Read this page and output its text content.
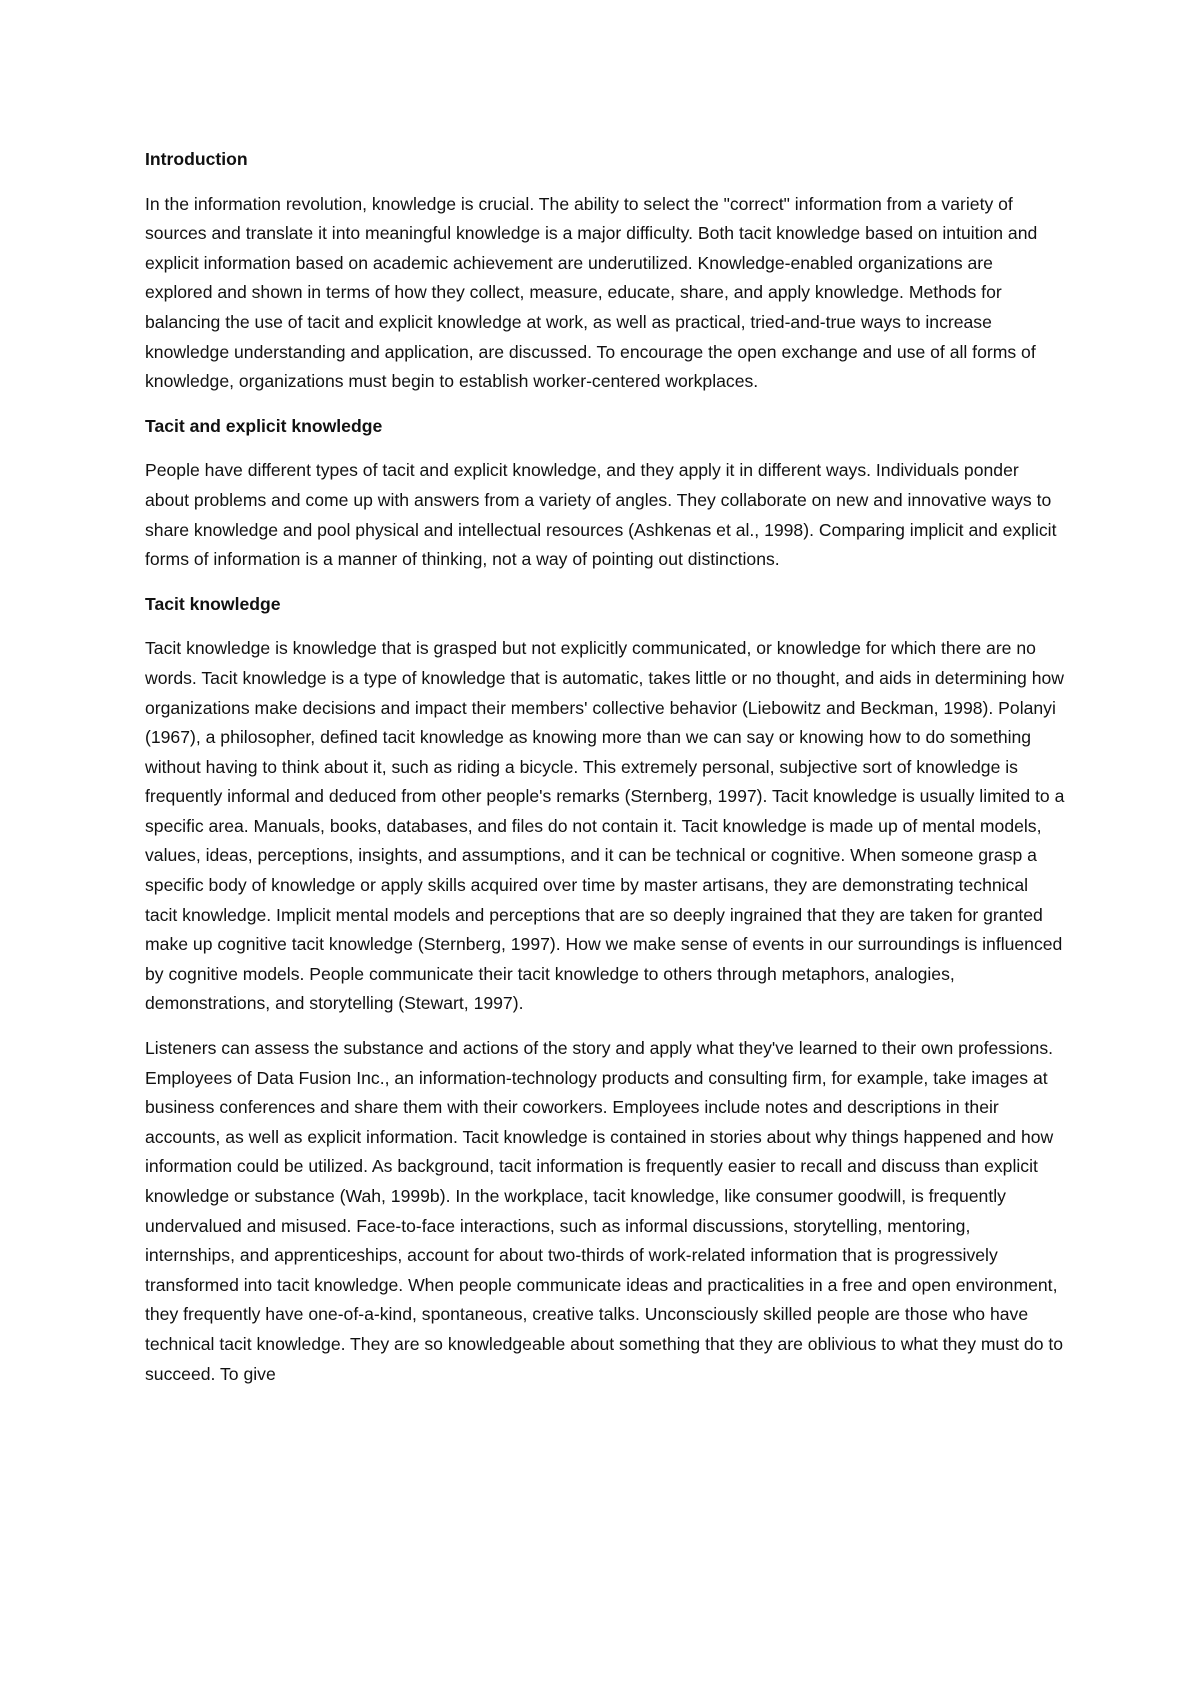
Introduction

In the information revolution, knowledge is crucial. The ability to select the "correct" information from a variety of sources and translate it into meaningful knowledge is a major difficulty. Both tacit knowledge based on intuition and explicit information based on academic achievement are underutilized. Knowledge-enabled organizations are explored and shown in terms of how they collect, measure, educate, share, and apply knowledge. Methods for balancing the use of tacit and explicit knowledge at work, as well as practical, tried-and-true ways to increase knowledge understanding and application, are discussed. To encourage the open exchange and use of all forms of knowledge, organizations must begin to establish worker-centered workplaces.

Tacit and explicit knowledge

People have different types of tacit and explicit knowledge, and they apply it in different ways. Individuals ponder about problems and come up with answers from a variety of angles. They collaborate on new and innovative ways to share knowledge and pool physical and intellectual resources (Ashkenas et al., 1998). Comparing implicit and explicit forms of information is a manner of thinking, not a way of pointing out distinctions.

Tacit knowledge

Tacit knowledge is knowledge that is grasped but not explicitly communicated, or knowledge for which there are no words. Tacit knowledge is a type of knowledge that is automatic, takes little or no thought, and aids in determining how organizations make decisions and impact their members' collective behavior (Liebowitz and Beckman, 1998). Polanyi (1967), a philosopher, defined tacit knowledge as knowing more than we can say or knowing how to do something without having to think about it, such as riding a bicycle. This extremely personal, subjective sort of knowledge is frequently informal and deduced from other people's remarks (Sternberg, 1997). Tacit knowledge is usually limited to a specific area. Manuals, books, databases, and files do not contain it. Tacit knowledge is made up of mental models, values, ideas, perceptions, insights, and assumptions, and it can be technical or cognitive. When someone grasp a specific body of knowledge or apply skills acquired over time by master artisans, they are demonstrating technical tacit knowledge. Implicit mental models and perceptions that are so deeply ingrained that they are taken for granted make up cognitive tacit knowledge (Sternberg, 1997). How we make sense of events in our surroundings is influenced by cognitive models. People communicate their tacit knowledge to others through metaphors, analogies, demonstrations, and storytelling (Stewart, 1997).

Listeners can assess the substance and actions of the story and apply what they've learned to their own professions. Employees of Data Fusion Inc., an information-technology products and consulting firm, for example, take images at business conferences and share them with their coworkers. Employees include notes and descriptions in their accounts, as well as explicit information. Tacit knowledge is contained in stories about why things happened and how information could be utilized. As background, tacit information is frequently easier to recall and discuss than explicit knowledge or substance (Wah, 1999b). In the workplace, tacit knowledge, like consumer goodwill, is frequently undervalued and misused. Face-to-face interactions, such as informal discussions, storytelling, mentoring, internships, and apprenticeships, account for about two-thirds of work-related information that is progressively transformed into tacit knowledge. When people communicate ideas and practicalities in a free and open environment, they frequently have one-of-a-kind, spontaneous, creative talks. Unconsciously skilled people are those who have technical tacit knowledge. They are so knowledgeable about something that they are oblivious to what they must do to succeed. To give
